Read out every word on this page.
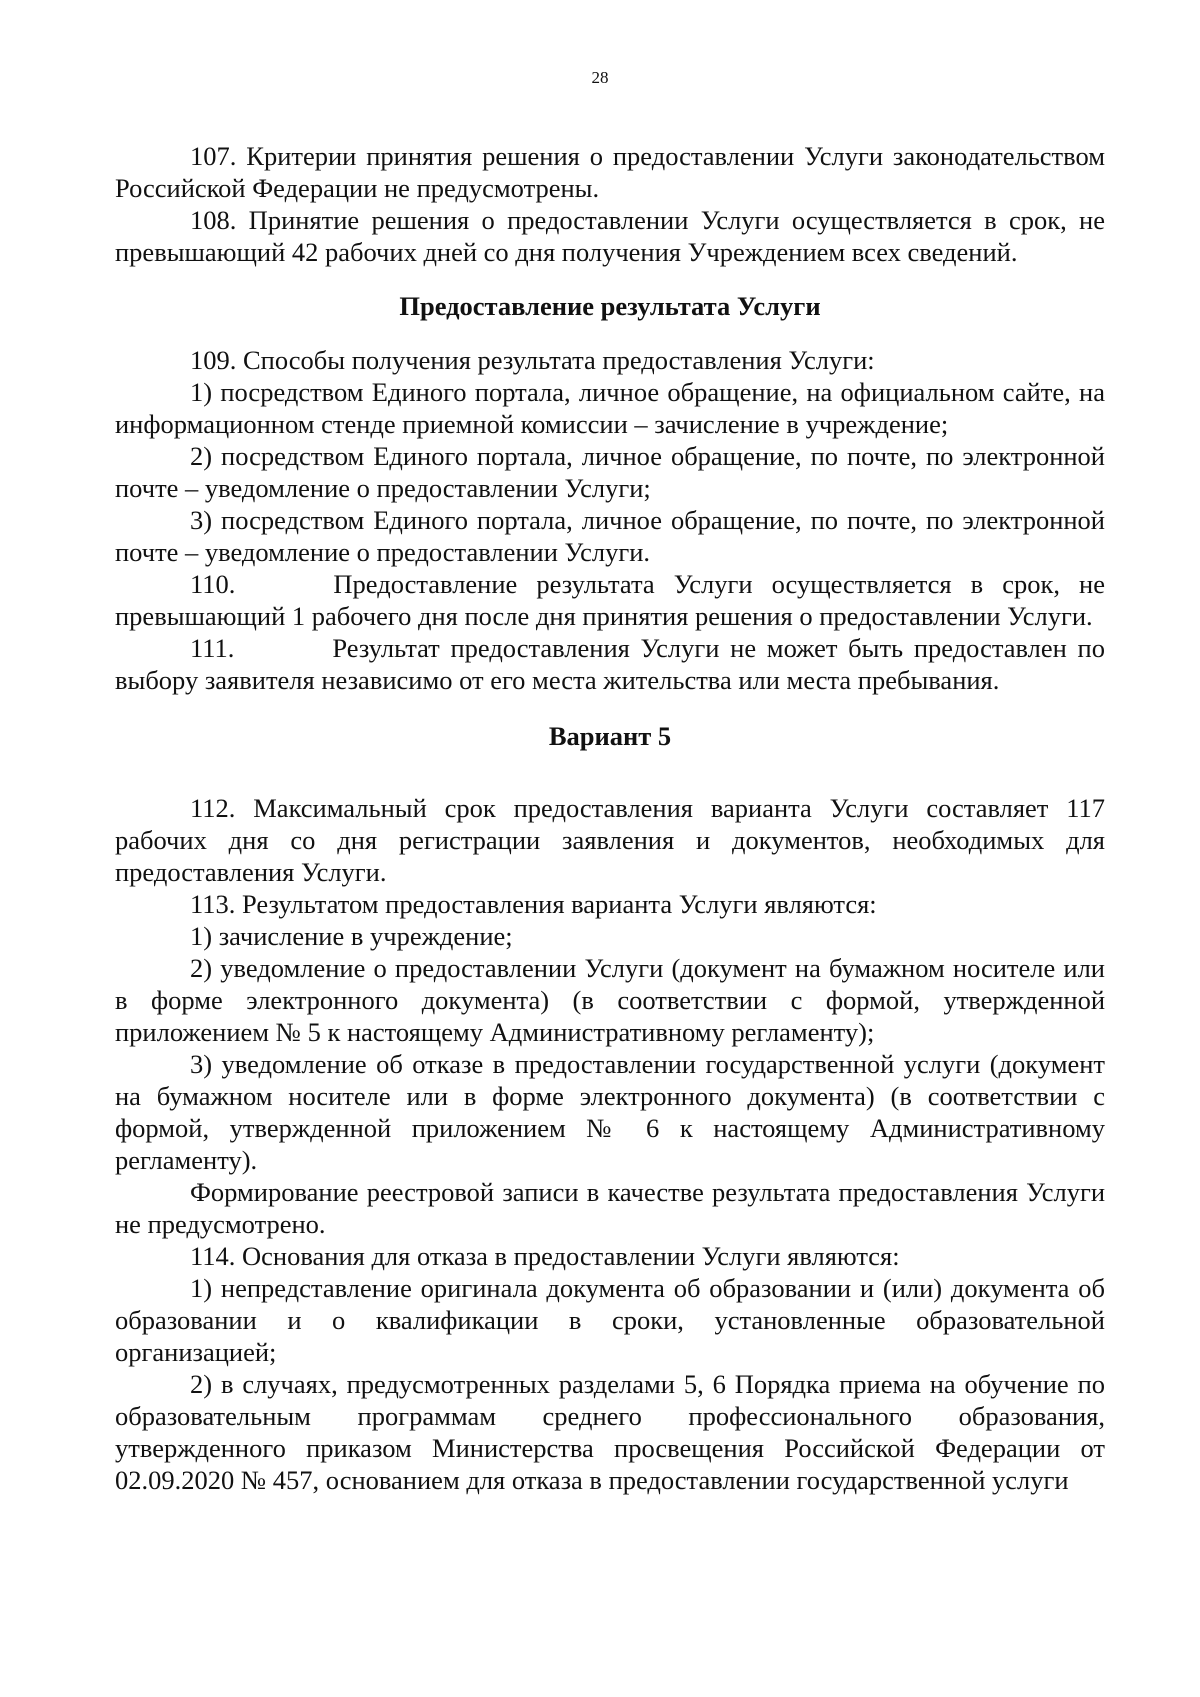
28

107. Критерии принятия решения о предоставлении Услуги законодательством Российской Федерации не предусмотрены.

108. Принятие решения о предоставлении Услуги осуществляется в срок, не превышающий 42 рабочих дней со дня получения Учреждением всех сведений.

Предоставление результата Услуги

109. Способы получения результата предоставления Услуги:

1) посредством Единого портала, личное обращение, на официальном сайте, на информационном стенде приемной комиссии – зачисление в учреждение;

2) посредством Единого портала, личное обращение, по почте, по электронной почте – уведомление о предоставлении Услуги;

3) посредством Единого портала, личное обращение, по почте, по электронной почте – уведомление о предоставлении Услуги.

110.	Предоставление результата Услуги осуществляется в срок, не превышающий 1 рабочего дня после дня принятия решения о предоставлении Услуги.

111.	Результат предоставления Услуги не может быть предоставлен по выбору заявителя независимо от его места жительства или места пребывания.

Вариант 5

112. Максимальный срок предоставления варианта Услуги составляет 117 рабочих дня со дня регистрации заявления и документов, необходимых для предоставления Услуги.

113. Результатом предоставления варианта Услуги являются:

1) зачисление в учреждение;

2) уведомление о предоставлении Услуги (документ на бумажном носителе или в форме электронного документа) (в соответствии с формой, утвержденной приложением № 5 к настоящему Административному регламенту);

3) уведомление об отказе в предоставлении государственной услуги (документ на бумажном носителе или в форме электронного документа) (в соответствии с формой, утвержденной приложением № 6 к настоящему Административному регламенту).

Формирование реестровой записи в качестве результата предоставления Услуги не предусмотрено.

114. Основания для отказа в предоставлении Услуги являются:

1) непредставление оригинала документа об образовании и (или) документа об образовании и о квалификации в сроки, установленные образовательной организацией;

2) в случаях, предусмотренных разделами 5, 6 Порядка приема на обучение по образовательным программам среднего профессионального образования, утвержденного приказом Министерства просвещения Российской Федерации от 02.09.2020 № 457, основанием для отказа в предоставлении государственной услуги
